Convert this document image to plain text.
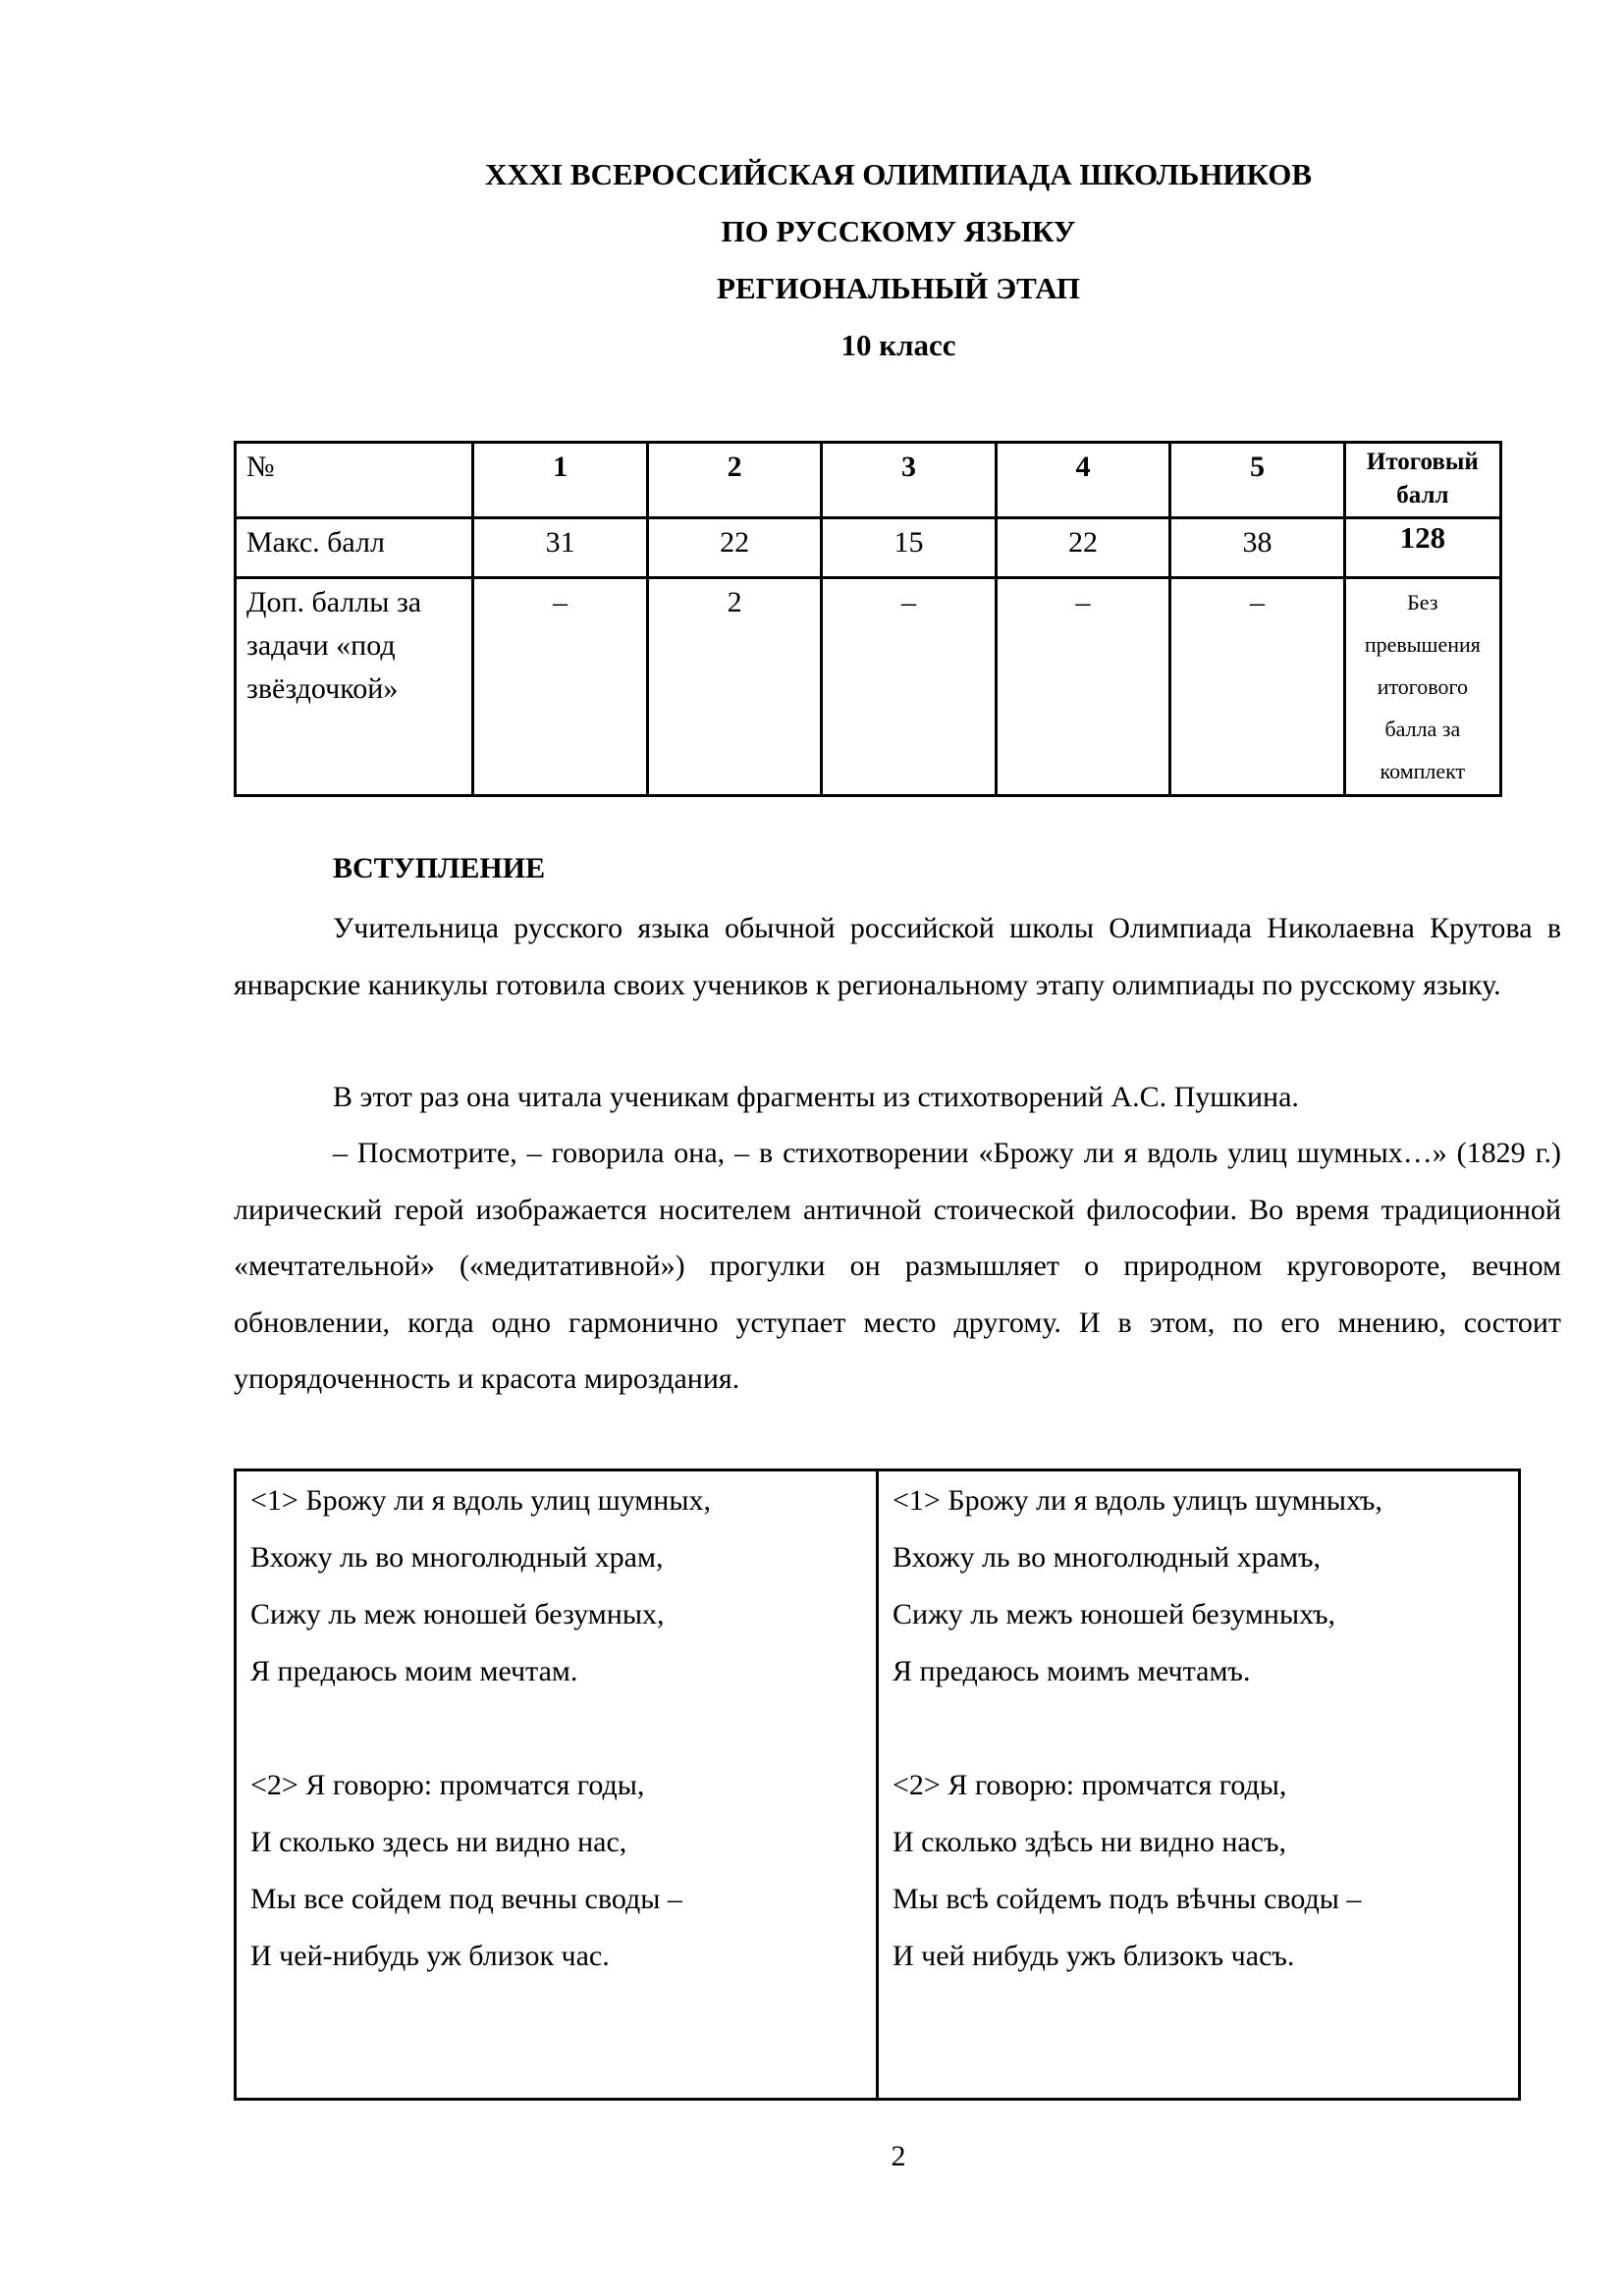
XXXI ВСЕРОССИЙСКАЯ ОЛИМПИАДА ШКОЛЬНИКОВ
ПО РУССКОМУ ЯЗЫКУ
РЕГИОНАЛЬНЫЙ ЭТАП
10 класс
№	1	2	3	4	5	Итоговый балл
Макс. балл	31	22	15	22	38	128
Доп. баллы за задачи «под звёздочкой»	–	2	–	–	–	Без превышения итогового балла за комплект
ВСТУПЛЕНИЕ

Учительница русского языка обычной российской школы Олимпиада Николаевна Крутова в январские каникулы готовила своих учеников к региональному этапу олимпиады по русскому языку.

В этот раз она читала ученикам фрагменты из стихотворений А.С. Пушкина.

– Посмотрите, – говорила она, – в стихотворении «Брожу ли я вдоль улиц шумных…» (1829 г.) лирический герой изображается носителем античной стоической философии. Во время традиционной «мечтательной» («медитативной») прогулки он размышляет о природном круговороте, вечном обновлении, когда одно гармонично уступает место другому. И в этом, по его мнению, состоит упорядоченность и красота мироздания.

<1> Брожу ли я вдоль улиц шумных,
Вхожу ль во многолюдный храм,
Сижу ль меж юношей безумных,
Я предаюсь моим мечтам.
<2> Я говорю: промчатся годы,
И сколько здесь ни видно нас,
Мы все сойдем под вечны своды –
И чей-нибудь уж близок час.

<1> Брожу ли я вдоль улицъ шумныхъ,
Вхожу ль во многолюдный храмъ,
Сижу ль межъ юношей безумныхъ,
Я предаюсь моимъ мечтамъ.
<2> Я говорю: промчатся годы,
И сколько здѣсь ни видно насъ,
Мы всѣ сойдемъ подъ вѣчны своды –
И чей нибудь ужъ близокъ часъ.
2
